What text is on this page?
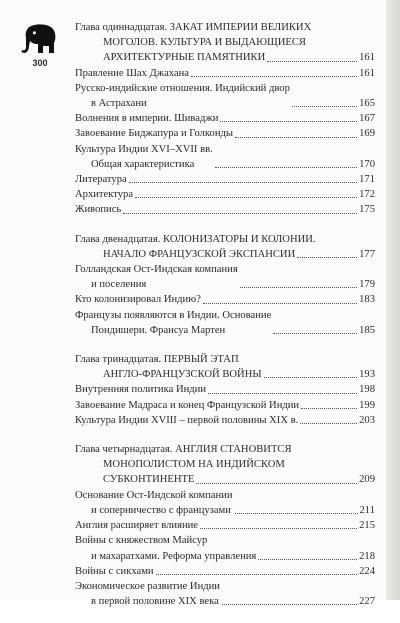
300
Глава одиннадцатая. ЗАКАТ ИМПЕРИИ ВЕЛИКИХ
МОГОЛОВ. КУЛЬТУРА И ВЫДАЮЩИЕСЯ
АРХИТЕКТУРНЫЕ ПАМЯТНИКИ	161
Правление Шах Джахана	161
Русско-индийские отношения. Индийский двор
в Астрахани	165
Волнения в империи. Шиваджи	167
Завоевание Биджапура и Голконды	169
Культура Индии XVI–XVII вв.
Общая характеристика	170
Литература	171
Архитектура	172
Живопись	175
Глава двенадцатая. КОЛОНИЗАТОРЫ И КОЛОНИИ.
НАЧАЛО ФРАНЦУЗСКОЙ ЭКСПАНСИИ	177
Голландская Ост-Индская компания
и поселения	179
Кто колонизировал Индию?	183
Французы появляются в Индии. Основание
Пондишери. Франсуа Мартен	185
Глава тринадцатая. ПЕРВЫЙ ЭТАП
АНГЛО-ФРАНЦУЗСКОЙ ВОЙНЫ	193
Внутренняя политика Индии	198
Завоевание Мадраса и конец Французской Индии	199
Культура Индии XVIII – первой половины XIX в.	203
Глава четырнадцатая. АНГЛИЯ СТАНОВИТСЯ
МОНОПОЛИСТОМ НА ИНДИЙСКОМ
СУБКОНТИНЕНТЕ	209
Основание Ост-Индской компании
и соперничество с французами	211
Англия расширяет влияние	215
Войны с княжеством Майсур
и махаратхами. Реформа управления	218
Войны с сикхами	224
Экономическое развитие Индии
в первой половине XIX века	227
